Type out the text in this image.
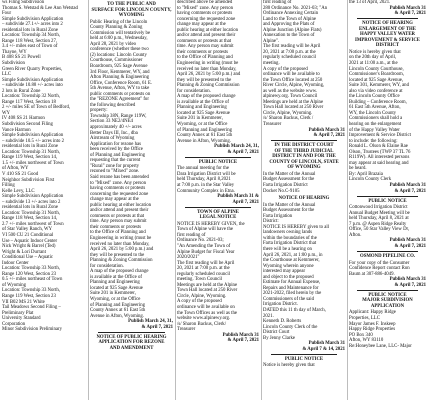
ws Filing Subdivision
Thomas S. Wetstad & Lee Ann Wetstad
Four
Simple Subdivision Application
– subdivide 27.1+/- acres into 2
residential lots in Rural Zone
Location: Township 34 North,
Range 118 West, Section 27,
3.4 +/- miles east of Town of
Thayne, WY
B 408 SS 21 Powell
Subdivision
Green River Quarry Properties,
LLC
Simple Subdivision Application
– subdivide 10.88 +/- acres into
2 lots in Rural Zone
Location: Township 32 North,
Range 117 West, Section 18
2 +/- miles SE of Town of Bedford,
WY
IV 408 SS 21 Harmon
Subdivision Second Filing
Vance Harmon
Simple Subdivision Application
– subdivide 10.5 +/- acres into 2
residential lots in Rural Zone
Location: Township 31 North,
Range 119 West, Section 14,
1.5 +/- miles northwest of Town
of Afton, WY
V 410 SS 21 Good
Neighbor Subdivision First
Filling
Kelle Levy, LLC
Simple Subdivision Application
– subdivide 13 +/- acres into 2
residential lots in Rural Zone
Location: Township 31 North,
Range 118 West, Section 14,
2.7 +/- miles northwest of Town
of Star Valley Ranch, WY
VI 500 CU 21 Conditional
Use – Aquatic Indoor Center
Nick Wright & Barrel (Ted)
Wright & Lori Durrant
Conditional Use – Aquatic
Indoor Center
Location: Township 33 North,
Range 120 West, Section 23
0.5 +/- miles northeast of Town
of Wyoming
Location: Township 33 North,
Range 119 West, Section 23
VII B02 MS 21 White
Tail Meadows Second Filing –
Preliminary Plat
University Standard
Corporation
Minor Subdivision Preliminary
TO THE PUBLIC AND
SURFACE FOR LINCOLN COUNTY,
WYOMING
Public Hearing of the Lincoln
County Planning & Zoning
Commission will tentatively be
held at 6:00 p.m., Wednesday,
April 28, 2021 by video
conference (whether these two
(2) locations: Lincoln County
Courthouse, Commissioner
Boardroom, 925 Sage Avenue
3rd Floor, Kemmerer, WY, and
Afton Planning & Engineering
Office, Conference Room, 61 E.
5th Avenue, Afton, WY to take
public comments or protests on
the "REZONE Agreement" for
the following described
property:
Township 38N, Range 119W,
Section 33 NE2/4NE4
approximately 40 +/- acres
Better Days III, Inc., dba
Airstream of Wyoming
Application for rezone has
been received by the Office
of Planning and Engineering
requesting that the current
"Rural" zone for property
rezoned to "Mixed" zone.
Said rezone has been amended
to "Mixed" zone. Any person
having comments or protests
concerning the requested zone
change may appear at the
public hearing at either location
and/or attend and present their
comments or protests at that
time. Any person may submit
their comments or protests
to the Office of Planning and
Engineering in writing (must be
received no later than Monday,
April 26, 2021 by 5:00 p.m.) and
they will be presented to the
Planning & Zoning Commission
for consideration.
A map of the proposed change
is available at the Office of
Planning and Engineering
located at 925 Sage Avenue
Suite 201 in Kemmerer,
Wyoming, or at the Office
of Planning and Engineering
County Annex at 61 East 5th
Avenue in Afton, Wyoming.
Publish March 24, 31,
& April 7, 2021
NOTICE OF PUBLIC HEARING
APPLICATION FOR REZONE
AND AMENDMENT
described above be amended
to "Mixed" zone. Any person
having comments or protests
concerning the requested zone
change may appear at the
public hearing at either location
and/or attend and present their
comments or protests at that
time. Any person may submit
their comments or protests
to the Office of Planning and
Engineering in writing (must be
received no later than Monday,
April 26, 2021 by 5:00 p.m.) and
they will be presented to the
Planning & Zoning Commission
for consideration.
A map of the proposed change
is available at the Office of
Planning and Engineering
located at 925 Sage Avenue
Suite 201 in Kemmerer,
Wyoming, or at the Office
of Planning and Engineering
County Annex at 61 East 5th
Avenue in Afton, Wyoming.
Publish March 24, 31,
& April 7, 2021
PUBLIC NOTICE
The annual meeting for the
Dara Irrigation District will be
held Thursday, April 8,2021
at 7:00 p.m. in the Star Valley
Community Complex in Etna.
Publish March 31 &
April 7, 2021
TOWN OF ALPINE
LEGAL NOTICE
NOTICE IS HEREBY GIVEN, the
Town of Alpine will have the
first reading of
Ordinance No. 2021-03;
"An Amending the Town of
Alpine Budget for Fiscal Year
2020/2021"
The first reading will be April
20, 2021 at 7:00 p.m. at the
regularly scheduled council
meeting. Town Council
Meetings are held at the Alpine
Town Hall located at 250 River
Circle, Alpine, Wyoming.
A copy of the proposed
ordinance will be available on
the Town Offices as well as the
website www.alpinewy.org.
/s/ Sharon Backus, Clerk/
Treasurer
Publish March 31
& April 7, 2021
first reading of
280 Ordinance No. 2021-03; "An
Ordinance Annexing Certain
Land to the Town of Alpine
and Approving the Plats of
Alpine Junction (Alpine Flats)
Annexation to the Town of
Alpine".
The first reading will be April
20, 2021 at 7:00 p.m. at the
regularly scheduled council
meeting.
A copy of the proposed
ordinance will be available to
the Town Office located at 250
River Circle, Alpine, Wyoming,
as well as the website www.
alpinewy.org. Town Council
Meetings are held at the Alpine
Town Hall located at 250 River
Circle, Alpine, Wyoming.
/s/ Sharon Backus, Clerk /
Treasurer
Publish March 31
& April 7, 2021
IN THE DISTRICT COURT
OF THE THIRD JUDICIAL
DISTRICT IN AND FOR THE
COUNTY OF LINCOLN, STATE
OF WYOMING
In the Matter of the Annual
Budget Assessment for the
Farta Irrigation District
Docket No.C-9105
NOTICE OF HEARING
In the Matter of the Annual
Budget Assessment for the
Farta Irrigation
District:
NOTICE IS HEREBY given to all
landowners owning lands
within the boundaries of the
Farta Irrigation District that
there will be a hearing on
April 26, 2021, at 1:00 p.m., in
the Courthouse at Kemmerer,
Wyoming wherein anyone
interested may appear
and object to the proposed
Estimate for Annual Expense,
Repairs and Maintenance for
2021-2022, filed herein by the
Commissioners of the said
Irrigation District.
DATED this 11 th day of March,
2021.
Kenneth D. Roberts
Lincoln County Clerk of the
District Court
By Jenny Clarke
Publish March 31
& April 7 & 14, 2021
PUBLIC NOTICE
Notice is hereby given that
the 13 of April, 2021.
Publish March 31
& April 7, 2021
NOTICE OF HEARING
ENLARGEMENT OF THE
HAPPY VALLEY WATER
IMPROVEMENT & SERVICE
DISTRICT
Notice is hereby given that
on the 20th day of April,
2021 at 11:00 a.m., at the
Lincoln County Courthouse,
Commissioner's Boardroom,
located at 925 Sage Avenue,
Suite 301, Kemmerer, WY, and
also via video conference at
the Lincoln County Office
Building – Conference Room,
61 East 5th Avenue, Afton,
WY, the Lincoln County
Commissioners shall hold a
hearing on the enlargement
of the Happy Valley Water
Improvement & Service District
to include: the following:
Ronald L. Olson & Elaine Rae
Olson, Trustees (TWP 37 TL 76
R119W). All interested persons
may appear at said hearing and
be heard.
By: April Brazaia
Lincoln County Clerk
Publish March 31
& April 7, 2021
PUBLIC NOTICE
Cottonwood Irrigation District
Annual Budget Meeting will be
held Thursday, April 8, 2021 at
7 p.m. @ Aspen Ridge Realty
Office, 50 Star Valley View Dr,
Afton.
Publish March 31
& April 7, 2021
OSMOND PIPELINE CO.
For your copy of the Consumer
Confidence Report contact Ron
Baum at 307-886-4049.
Publish March 31
& April 7, 2021
PUBLIC NOTICE
MAJOR SUBDIVISION
APPLICATION
Applicant: Happy Ridge
Properties, LLC
Mayor James F. Inskeep
Happy Ridge Properties
PO Box 340
Afton, WY 83110
Re:Honeybee Lane, LLC- Major
